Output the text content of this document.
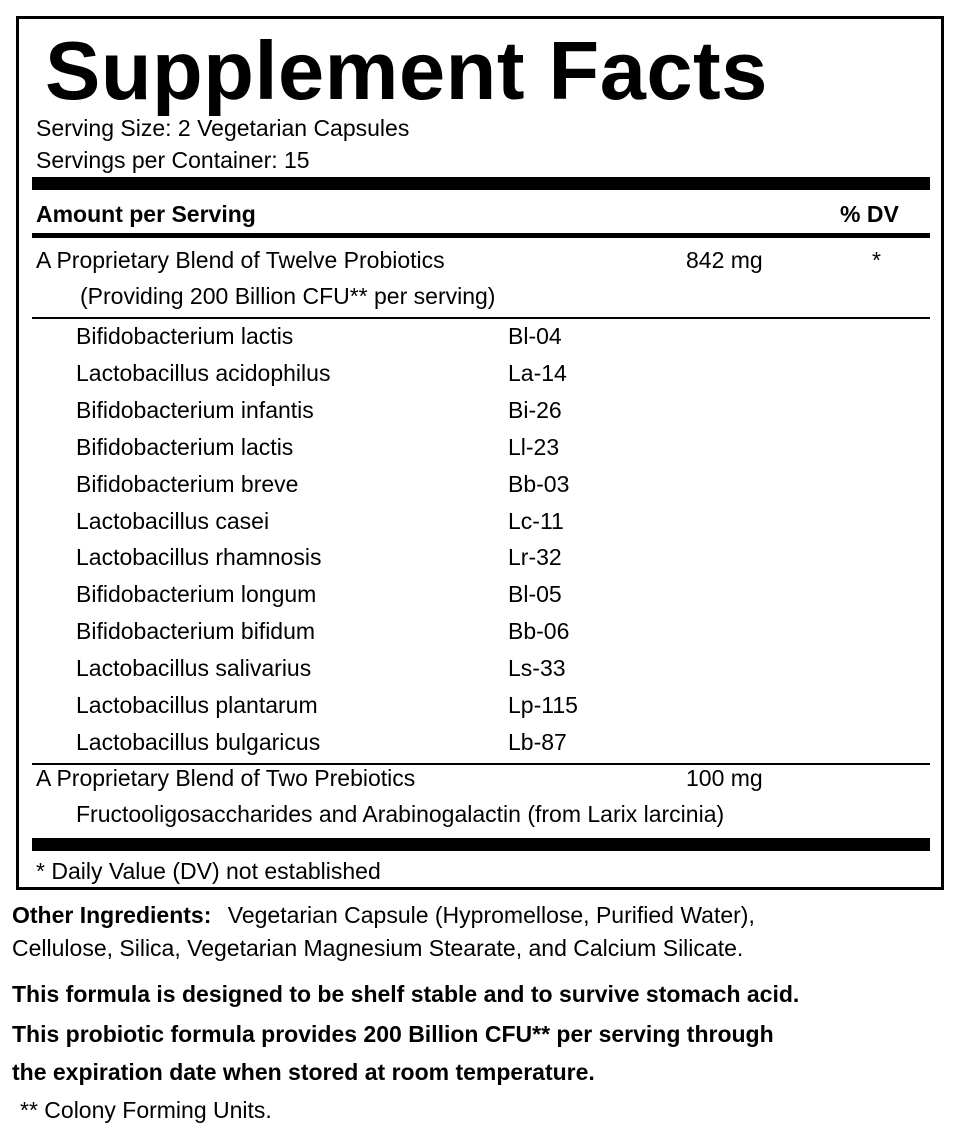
Supplement Facts
Serving Size: 2 Vegetarian Capsules
Servings per Container: 15
Amount per Serving	% DV
A Proprietary Blend of Twelve Probiotics	842 mg	*
(Providing 200 Billion CFU** per serving)
Bifidobacterium lactis	Bl-04
Lactobacillus acidophilus	La-14
Bifidobacterium infantis	Bi-26
Bifidobacterium lactis	Ll-23
Bifidobacterium breve	Bb-03
Lactobacillus casei	Lc-11
Lactobacillus rhamnosis	Lr-32
Bifidobacterium longum	Bl-05
Bifidobacterium bifidum	Bb-06
Lactobacillus salivarius	Ls-33
Lactobacillus plantarum	Lp-115
Lactobacillus bulgaricus	Lb-87
A Proprietary Blend of Two Prebiotics	100 mg
Fructooligosaccharides and Arabinogalactin (from Larix larcinia)
* Daily Value (DV) not established
Other Ingredients: Vegetarian Capsule (Hypromellose, Purified Water),
Cellulose, Silica, Vegetarian Magnesium Stearate, and Calcium Silicate.
This formula is designed to be shelf stable and to survive stomach acid.
This probiotic formula provides 200 Billion CFU** per serving through
the expiration date when stored at room temperature.
** Colony Forming Units.
